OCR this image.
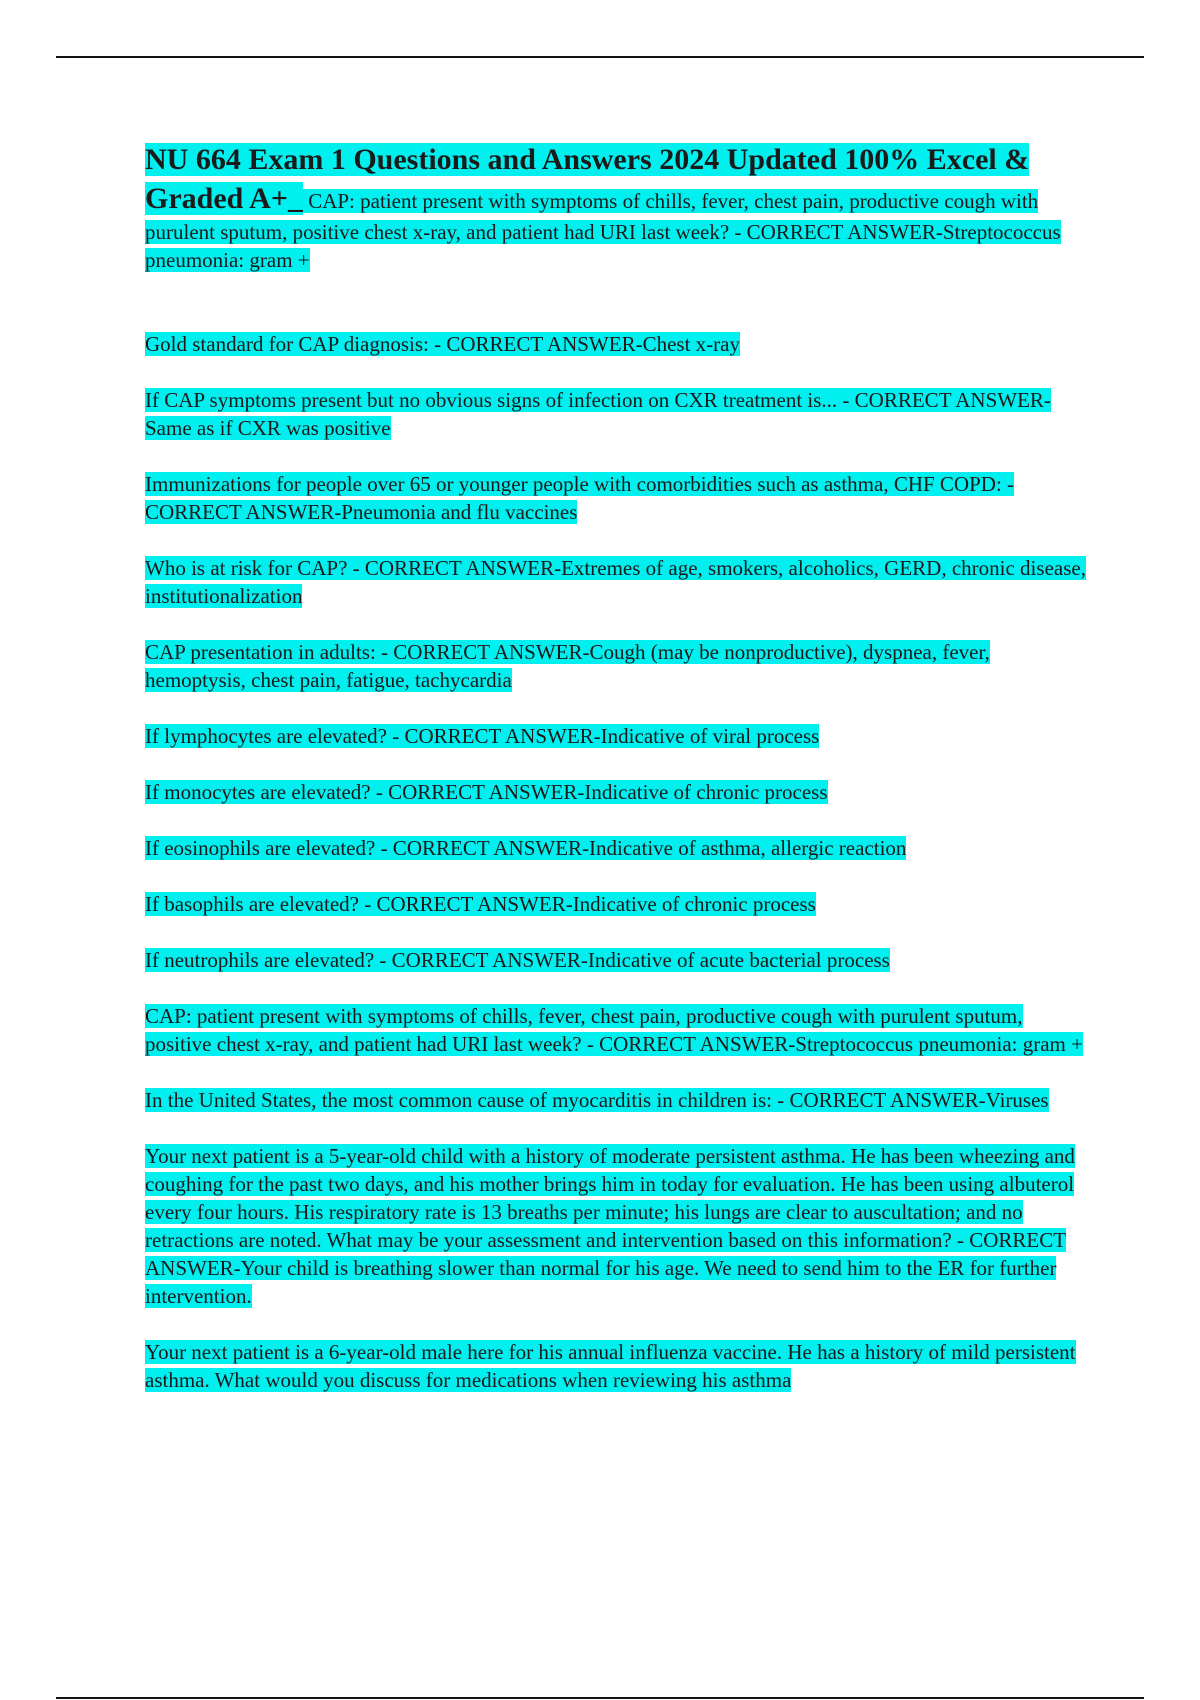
NU 664 Exam 1 Questions and Answers 2024 Updated 100% Excel & Graded A+_ CAP: patient present with symptoms of chills, fever, chest pain, productive cough with purulent sputum, positive chest x-ray, and patient had URI last week? - CORRECT ANSWER-Streptococcus pneumonia: gram +

Gold standard for CAP diagnosis: - CORRECT ANSWER-Chest x-ray

If CAP symptoms present but no obvious signs of infection on CXR treatment is... - CORRECT ANSWER-Same as if CXR was positive

Immunizations for people over 65 or younger people with comorbidities such as asthma, CHF COPD: - CORRECT ANSWER-Pneumonia and flu vaccines

Who is at risk for CAP? - CORRECT ANSWER-Extremes of age, smokers, alcoholics, GERD, chronic disease, institutionalization

CAP presentation in adults: - CORRECT ANSWER-Cough (may be nonproductive), dyspnea, fever, hemoptysis, chest pain, fatigue, tachycardia

If lymphocytes are elevated? - CORRECT ANSWER-Indicative of viral process

If monocytes are elevated? - CORRECT ANSWER-Indicative of chronic process

If eosinophils are elevated? - CORRECT ANSWER-Indicative of asthma, allergic reaction

If basophils are elevated? - CORRECT ANSWER-Indicative of chronic process

If neutrophils are elevated? - CORRECT ANSWER-Indicative of acute bacterial process

CAP: patient present with symptoms of chills, fever, chest pain, productive cough with purulent sputum, positive chest x-ray, and patient had URI last week? - CORRECT ANSWER-Streptococcus pneumonia: gram +

In the United States, the most common cause of myocarditis in children is: - CORRECT ANSWER-Viruses

Your next patient is a 5-year-old child with a history of moderate persistent asthma. He has been wheezing and coughing for the past two days, and his mother brings him in today for evaluation. He has been using albuterol every four hours. His respiratory rate is 13 breaths per minute; his lungs are clear to auscultation; and no retractions are noted. What may be your assessment and intervention based on this information? - CORRECT ANSWER-Your child is breathing slower than normal for his age. We need to send him to the ER for further intervention.

Your next patient is a 6-year-old male here for his annual influenza vaccine. He has a history of mild persistent asthma. What would you discuss for medications when reviewing his asthma
